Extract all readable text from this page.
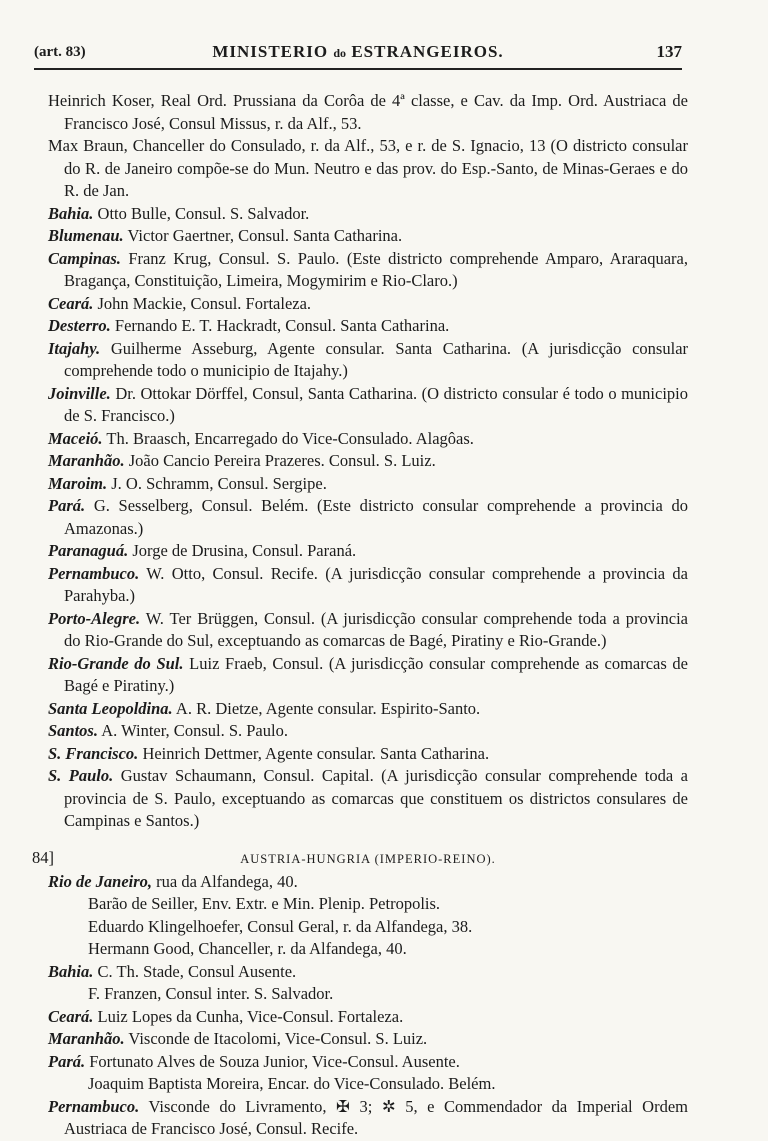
(art. 83)	MINISTERIO do ESTRANGEIROS.	137
Heinrich Koser, Real Ord. Prussiana da Corôa de 4ª classe, e Cav. da Imp. Ord. Austriaca de Francisco José, Consul Missus, r. da Alf., 53.
Max Braun, Chanceller do Consulado, r. da Alf., 53, e r. de S. Ignacio, 13 (O districto consular do R. de Janeiro compõe-se do Mun. Neutro e das prov. do Esp.-Santo, de Minas-Geraes e do R. de Jan.
Bahia. Otto Bulle, Consul. S. Salvador.
Blumenau. Victor Gaertner, Consul. Santa Catharina.
Campinas. Franz Krug, Consul. S. Paulo. (Este districto comprehende Amparo, Araraquara, Bragança, Constituição, Limeira, Mogymirim e Rio-Claro.)
Ceará. John Mackie, Consul. Fortaleza.
Desterro. Fernando E. T. Hackradt, Consul. Santa Catharina.
Itajahy. Guilherme Asseburg, Agente consular. Santa Catharina. (A jurisdicção consular comprehende todo o municipio de Itajahy.)
Joinville. Dr. Ottokar Dörffel, Consul, Santa Catharina. (O districto consular é todo o municipio de S. Francisco.)
Maceió. Th. Braasch, Encarregado do Vice-Consulado. Alagôas.
Maranhão. João Cancio Pereira Prazeres. Consul. S. Luiz.
Maroim. J. O. Schramm, Consul. Sergipe.
Pará. G. Sesselberg, Consul. Belém. (Este districto consular comprehende a provincia do Amazonas.)
Paranaguá. Jorge de Drusina, Consul. Paraná.
Pernambuco. W. Otto, Consul. Recife. (A jurisdicção consular comprehende a provincia da Parahyba.)
Porto-Alegre. W. Ter Brüggen, Consul. (A jurisdicção consular comprehende toda a provincia do Rio-Grande do Sul, exceptuando as comarcas de Bagé, Piratiny e Rio-Grande.)
Rio-Grande do Sul. Luiz Fraeb, Consul. (A jurisdicção consular comprehende as comarcas de Bagé e Piratiny.)
Santa Leopoldina. A. R. Dietze, Agente consular. Espirito-Santo.
Santos. A. Winter, Consul. S. Paulo.
S. Francisco. Heinrich Dettmer, Agente consular. Santa Catharina.
S. Paulo. Gustav Schaumann, Consul. Capital. (A jurisdicção consular comprehende toda a provincia de S. Paulo, exceptuando as comarcas que constituem os districtos consulares de Campinas e Santos.)
84]	AUSTRIA-HUNGRIA (IMPERIO-REINO).
Rio de Janeiro, rua da Alfandega, 40.
Barão de Seiller, Env. Extr. e Min. Plenip. Petropolis.
Eduardo Klingelhoefer, Consul Geral, r. da Alfandega, 38.
Hermann Good, Chanceller, r. da Alfandega, 40.
Bahia. C. Th. Stade, Consul Ausente.
F. Franzen, Consul inter. S. Salvador.
Ceará. Luiz Lopes da Cunha, Vice-Consul. Fortaleza.
Maranhão. Visconde de Itacolomi, Vice-Consul. S. Luiz.
Pará. Fortunato Alves de Souza Junior, Vice-Consul. Ausente.
Joaquim Baptista Moreira, Encar. do Vice-Consulado. Belém.
Pernambuco. Visconde do Livramento, ✠ 3; ✲ 5, e Commendador da Imperial Ordem Austriaca de Francisco José, Consul. Recife.
